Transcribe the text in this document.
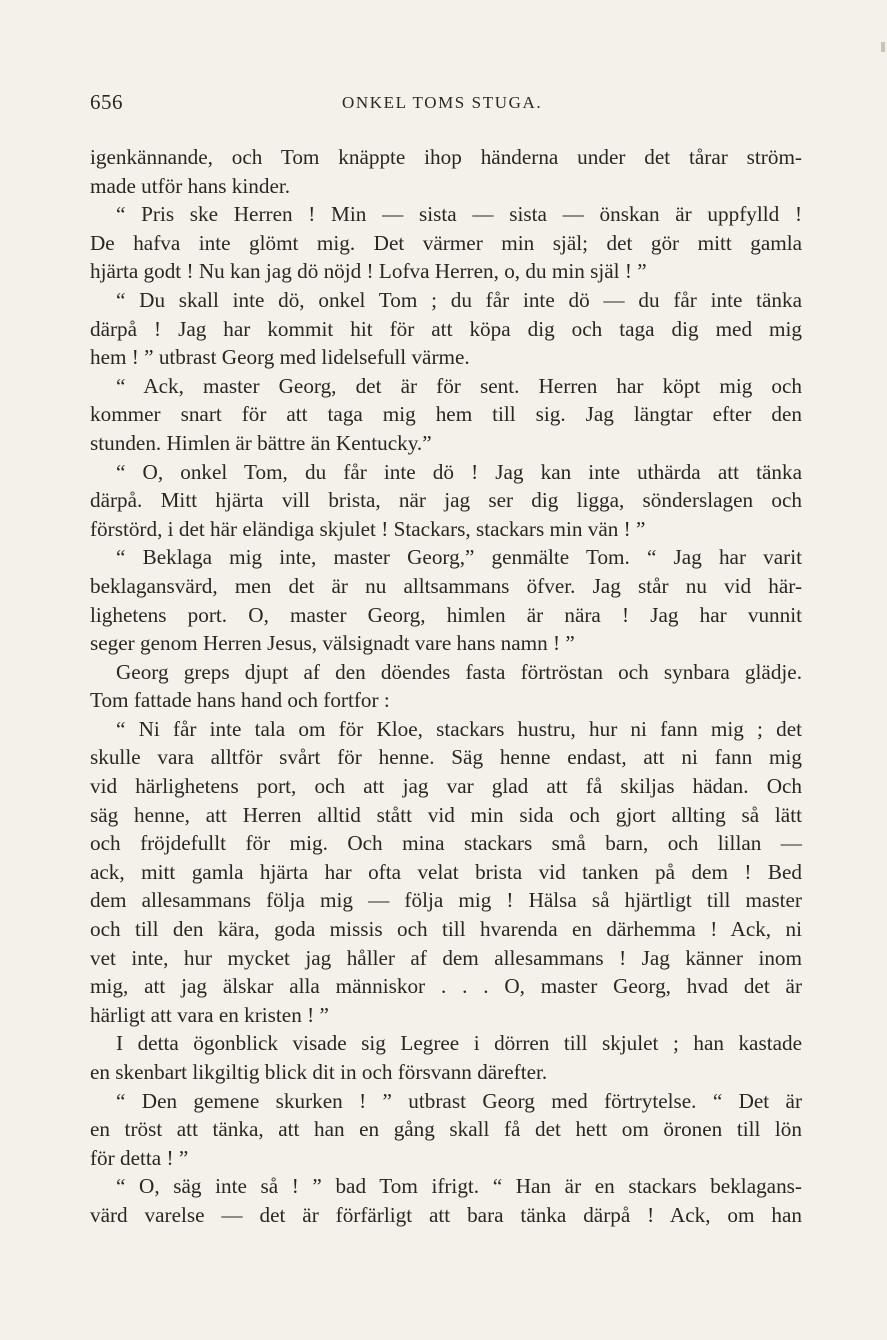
656	ONKEL TOMS STUGA.
igenkännande, och Tom knäppte ihop händerna under det tårar ström-
made utför hans kinder.
“ Pris ske Herren ! Min — sista — sista — önskan är uppfylld !
De hafva inte glömt mig. Det värmer min själ; det gör mitt gamla
hjärta godt ! Nu kan jag dö nöjd ! Lofva Herren, o, du min själ ! ”
“ Du skall inte dö, onkel Tom ; du får inte dö — du får inte tänka
därpå ! Jag har kommit hit för att köpa dig och taga dig med mig
hem ! ” utbrast Georg med lidelsefull värme.
“ Ack, master Georg, det är för sent. Herren har köpt mig och
kommer snart för att taga mig hem till sig. Jag längtar efter den
stunden. Himlen är bättre än Kentucky.”
“ O, onkel Tom, du får inte dö ! Jag kan inte uthärda att tänka
därpå. Mitt hjärta vill brista, när jag ser dig ligga, sönderslagen och
förstörd, i det här eländiga skjulet ! Stackars, stackars min vän ! ”
“ Beklaga mig inte, master Georg,” genmälte Tom. “ Jag har varit
beklagansvärd, men det är nu alltsammans öfver. Jag står nu vid här-
lighetens port. O, master Georg, himlen är nära ! Jag har vunnit
seger genom Herren Jesus, välsignadt vare hans namn ! ”
Georg greps djupt af den döendes fasta förtröstan och synbara glädje.
Tom fattade hans hand och fortfor :
“ Ni får inte tala om för Kloe, stackars hustru, hur ni fann mig ; det
skulle vara alltför svårt för henne. Säg henne endast, att ni fann mig
vid härlighetens port, och att jag var glad att få skiljas hädan. Och
säg henne, att Herren alltid stått vid min sida och gjort allting så lätt
och fröjdefullt för mig. Och mina stackars små barn, och lillan —
ack, mitt gamla hjärta har ofta velat brista vid tanken på dem ! Bed
dem allesammans följa mig — följa mig ! Hälsa så hjärtligt till master
och till den kära, goda missis och till hvarenda en därhemma ! Ack, ni
vet inte, hur mycket jag håller af dem allesammans ! Jag känner inom
mig, att jag älskar alla människor . . . O, master Georg, hvad det är
härligt att vara en kristen ! ”
I detta ögonblick visade sig Legree i dörren till skjulet ; han kastade
en skenbart likgiltig blick dit in och försvann därefter.
“ Den gemene skurken ! ” utbrast Georg med förtrytelse. “ Det är
en tröst att tänka, att han en gång skall få det hett om öronen till lön
för detta ! ”
“ O, säg inte så ! ” bad Tom ifrigt. “ Han är en stackars beklagans-
värd varelse — det är förfärligt att bara tänka därpå ! Ack, om han
